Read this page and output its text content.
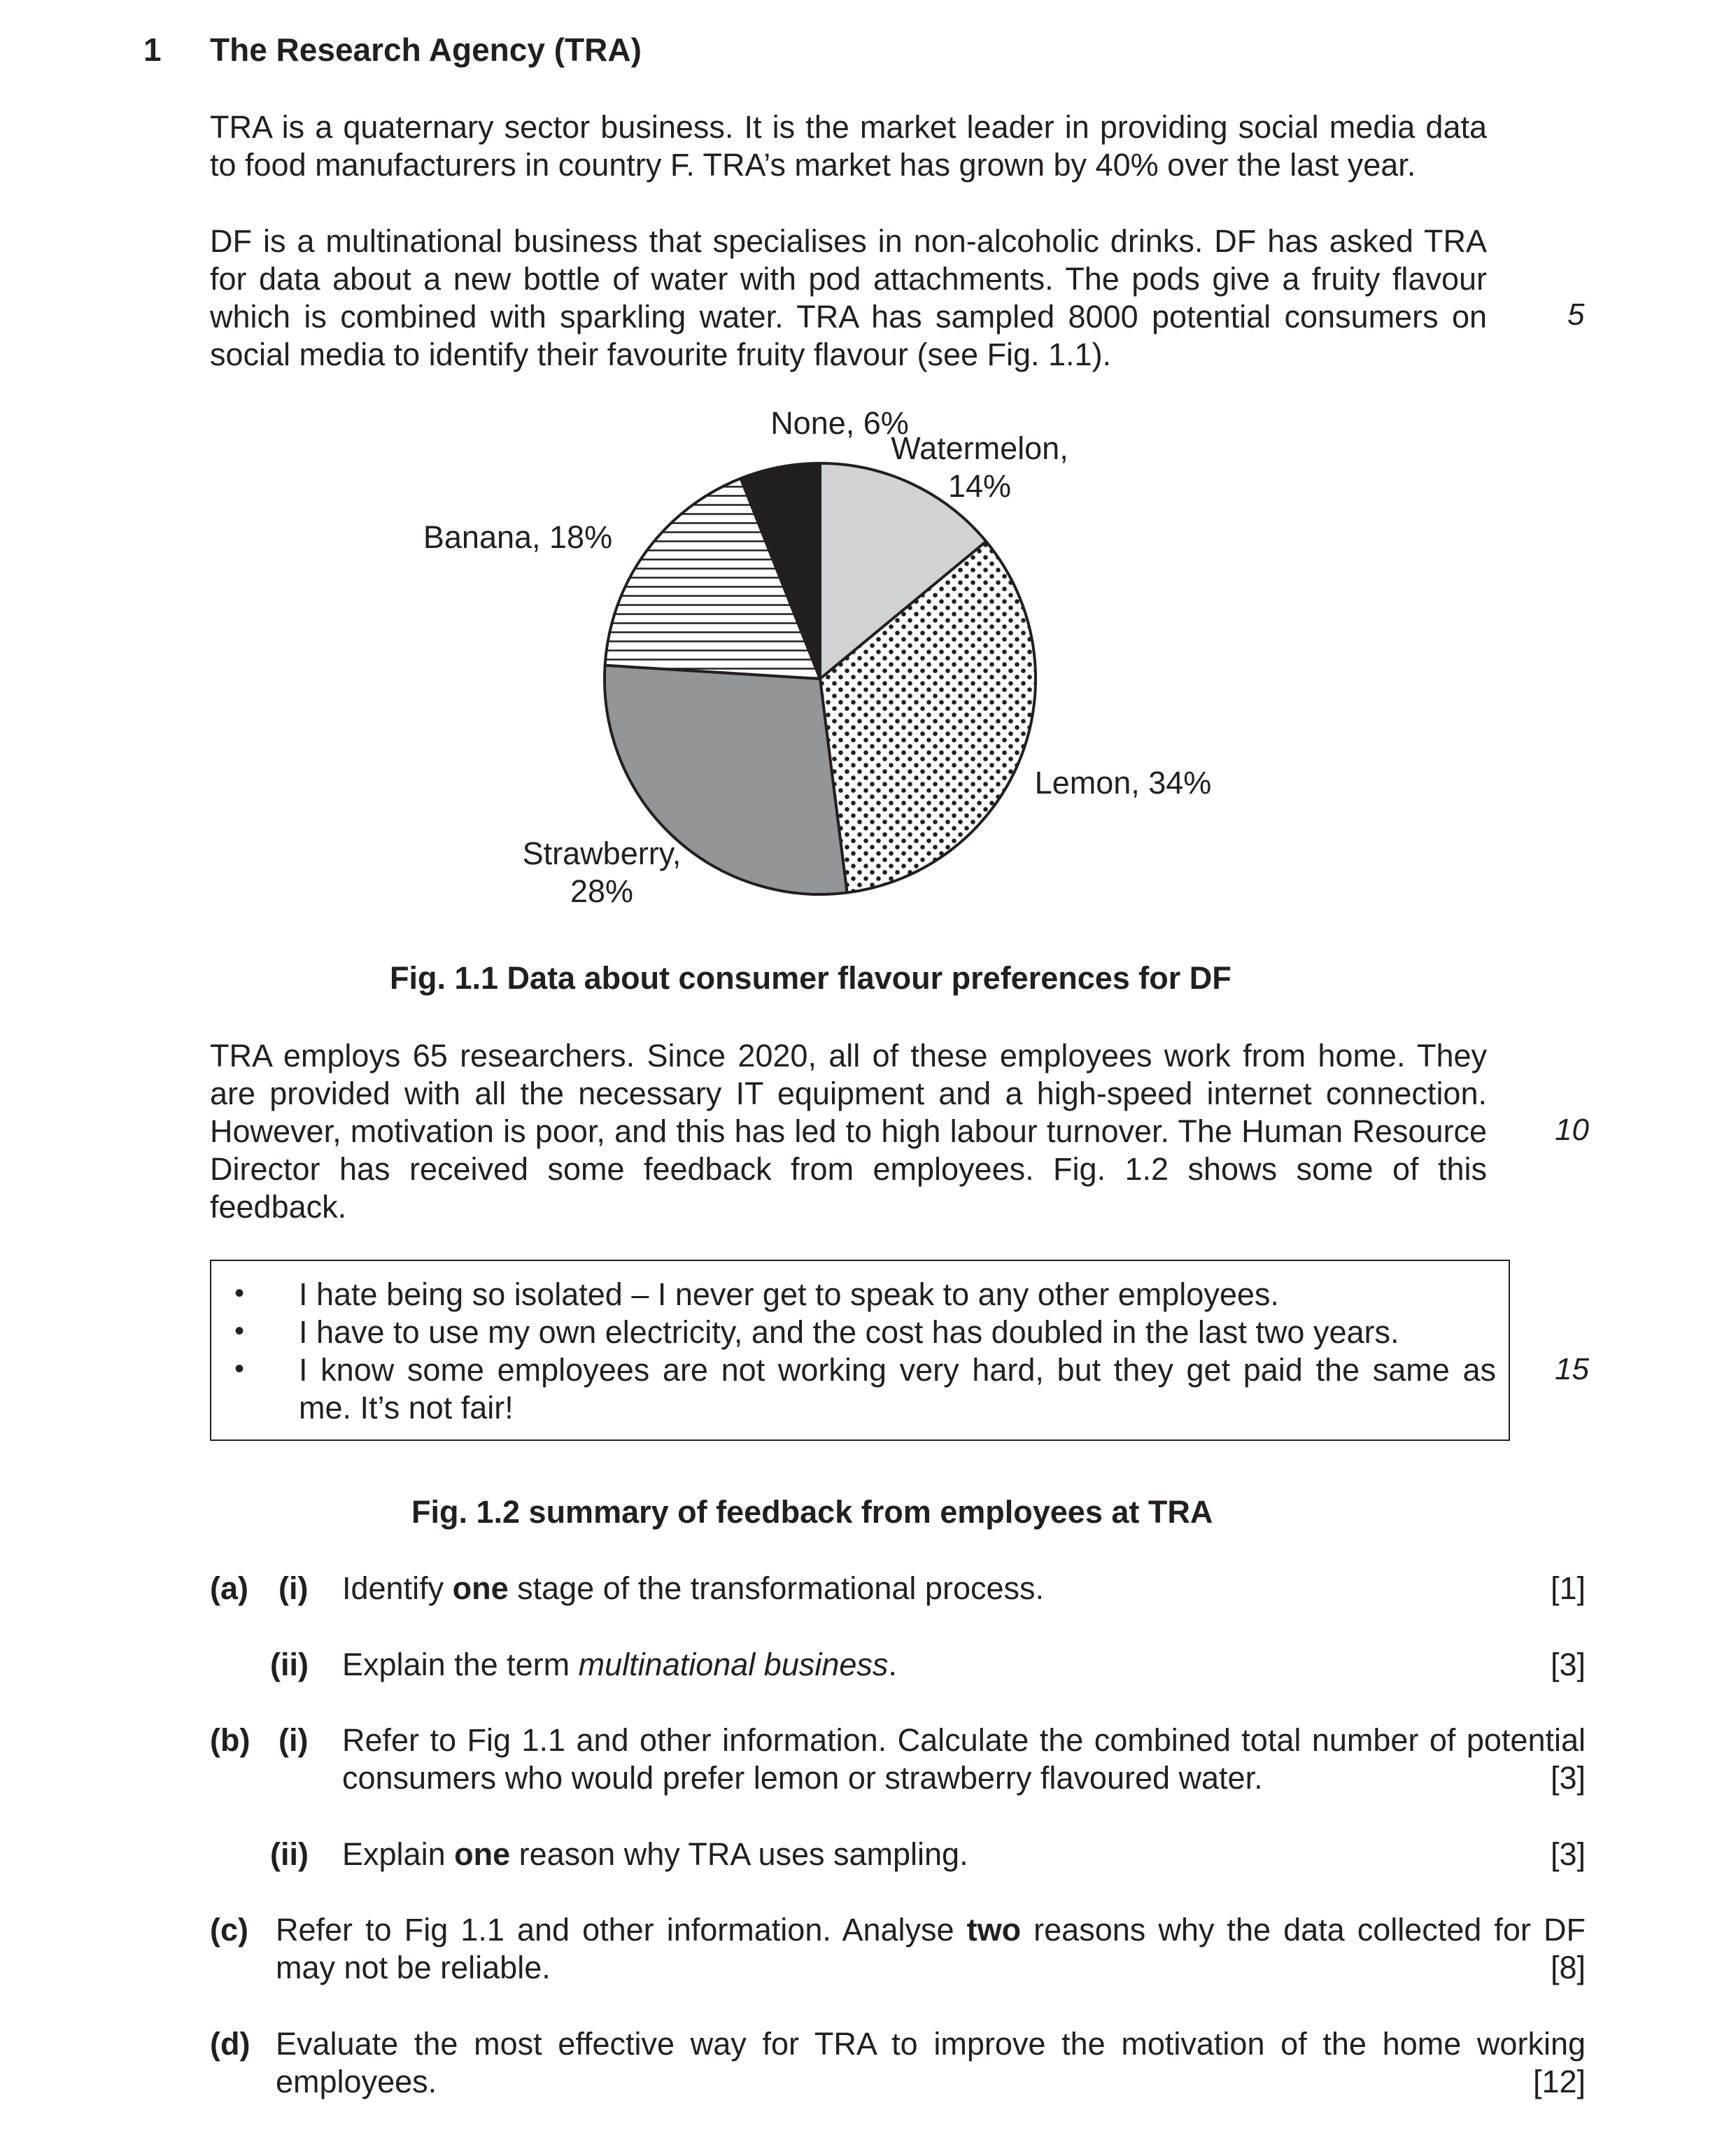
1 The Research Agency (TRA)
TRA is a quaternary sector business. It is the market leader in providing social media data
to food manufacturers in country F. TRA’s market has grown by 40% over the last year.
DF is a multinational business that specialises in non-alcoholic drinks. DF has asked TRA
for data about a new bottle of water with pod attachments. The pods give a fruity flavour
which is combined with sparkling water. TRA has sampled 8000 potential consumers on
social media to identify their favourite fruity flavour (see Fig. 1.1).
5
None, 6%
Watermelon,
14%
Banana, 18%
Lemon, 34%
Strawberry,
28%
Fig. 1.1 Data about consumer flavour preferences for DF
TRA employs 65 researchers. Since 2020, all of these employees work from home. They
are provided with all the necessary IT equipment and a high-speed internet connection.
However, motivation is poor, and this has led to high labour turnover. The Human Resource
Director has received some feedback from employees. Fig. 1.2 shows some of this
feedback.
10
•
•
•
I hate being so isolated – I never get to speak to any other employees.
I have to use my own electricity, and the cost has doubled in the last two years.
I know some employees are not working very hard, but they get paid the same as
me. It’s not fair!
15
Fig. 1.2 summary of feedback from employees at TRA
(a) (i) Identify one stage of the transformational process.	[1]
(ii) Explain the term multinational business.	[3]
(b) (i) Refer to Fig 1.1 and other information. Calculate the combined total number of potential
consumers who would prefer lemon or strawberry flavoured water.	[3]
(ii) Explain one reason why TRA uses sampling.	[3]
(c) Refer to Fig 1.1 and other information. Analyse two reasons why the data collected for DF
may not be reliable.	[8]
(d) Evaluate the most effective way for TRA to improve the motivation of the home working
employees.	[12]
